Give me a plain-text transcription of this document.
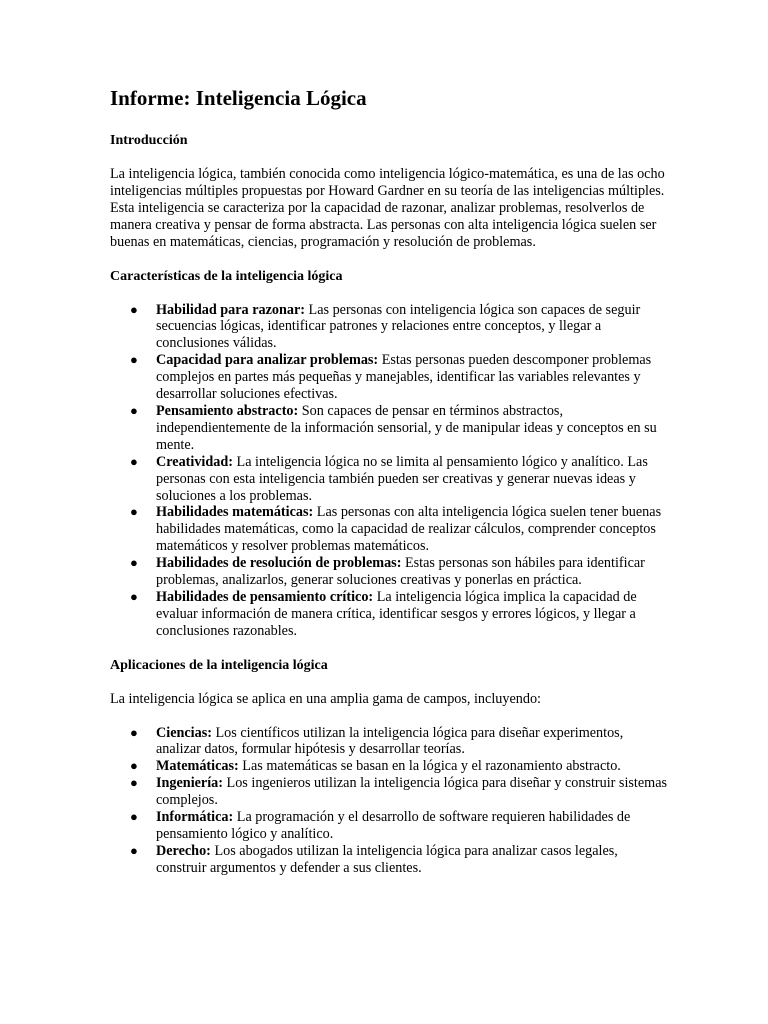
Informe: Inteligencia Lógica
Introducción

La inteligencia lógica, también conocida como inteligencia lógico-matemática, es una de las ocho inteligencias múltiples propuestas por Howard Gardner en su teoría de las inteligencias múltiples. Esta inteligencia se caracteriza por la capacidad de razonar, analizar problemas, resolverlos de manera creativa y pensar de forma abstracta. Las personas con alta inteligencia lógica suelen ser buenas en matemáticas, ciencias, programación y resolución de problemas.

Características de la inteligencia lógica
● Habilidad para razonar: Las personas con inteligencia lógica son capaces de seguir secuencias lógicas, identificar patrones y relaciones entre conceptos, y llegar a conclusiones válidas.
● Capacidad para analizar problemas: Estas personas pueden descomponer problemas complejos en partes más pequeñas y manejables, identificar las variables relevantes y desarrollar soluciones efectivas.
● Pensamiento abstracto: Son capaces de pensar en términos abstractos, independientemente de la información sensorial, y de manipular ideas y conceptos en su mente.
● Creatividad: La inteligencia lógica no se limita al pensamiento lógico y analítico. Las personas con esta inteligencia también pueden ser creativas y generar nuevas ideas y soluciones a los problemas.
● Habilidades matemáticas: Las personas con alta inteligencia lógica suelen tener buenas habilidades matemáticas, como la capacidad de realizar cálculos, comprender conceptos matemáticos y resolver problemas matemáticos.
● Habilidades de resolución de problemas: Estas personas son hábiles para identificar problemas, analizarlos, generar soluciones creativas y ponerlas en práctica.
● Habilidades de pensamiento crítico: La inteligencia lógica implica la capacidad de evaluar información de manera crítica, identificar sesgos y errores lógicos, y llegar a conclusiones razonables.
Aplicaciones de la inteligencia lógica

La inteligencia lógica se aplica en una amplia gama de campos, incluyendo:

● Ciencias: Los científicos utilizan la inteligencia lógica para diseñar experimentos, analizar datos, formular hipótesis y desarrollar teorías.
● Matemáticas: Las matemáticas se basan en la lógica y el razonamiento abstracto.
● Ingeniería: Los ingenieros utilizan la inteligencia lógica para diseñar y construir sistemas complejos.
● Informática: La programación y el desarrollo de software requieren habilidades de pensamiento lógico y analítico.
● Derecho: Los abogados utilizan la inteligencia lógica para analizar casos legales, construir argumentos y defender a sus clientes.
